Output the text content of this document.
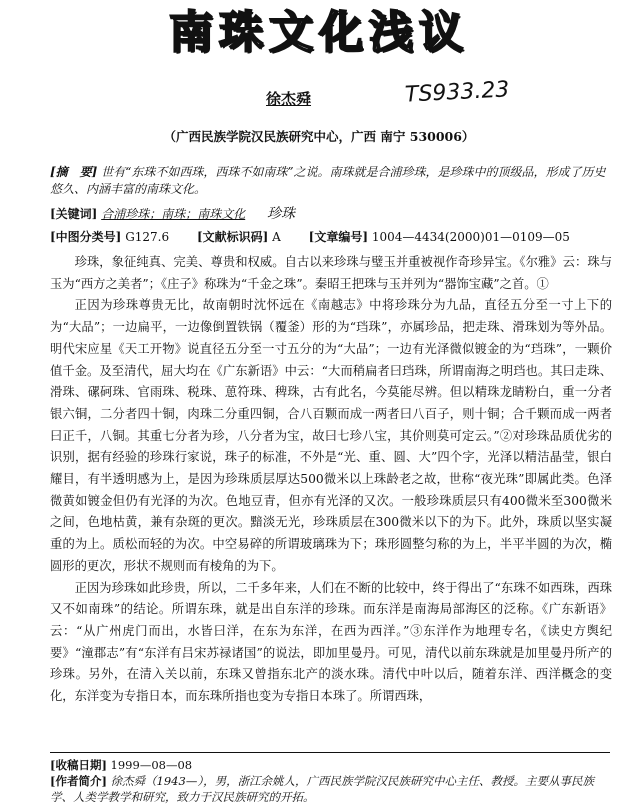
南珠文化浅议
徐杰舜	TS933.23
（广西民族学院汉民族研究中心，广西 南宁 530006）
[摘　要] 世有“东珠不如西珠，西珠不如南珠”之说。南珠就是合浦珍珠，是珍珠中的顶级品，形成了历史悠久、内涵丰富的南珠文化。
[关键词] 合浦珍珠；南珠；南珠文化 珍珠
[中图分类号] G127.6 [文献标识码] A [文章编号] 1004—4434(2000)01—0109—05

珍珠，象征纯真、完美、尊贵和权威。自古以来珍珠与璧玉并重被视作奇珍异宝。《尔雅》云：珠与玉为“西方之美者”；《庄子》称珠为“千金之珠”。秦昭王把珠与玉并列为“器饰宝藏”之首。①

正因为珍珠尊贵无比，故南朝时沈怀远在《南越志》中将珍珠分为九品，直径五分至一寸上下的为“大品”；一边扁平，一边像倒置铁锅（覆釜）形的为“珰珠”，亦属珍品，把走珠、滑珠划为等外品。明代宋应星《天工开物》说直径五分至一寸五分的为“大品”；一边有光泽微似镀金的为“珰珠”，一颗价值千金。及至清代，屈大均在《广东新语》中云：“大而稍扁者曰珰珠，所谓南海之明珰也。其曰走珠、滑珠、磥砢珠、官雨珠、税珠、葸符珠、稗珠，古有此名，今莫能尽辨。但以精珠龙睛粉白，重一分者银六铜，二分者四十铜，肉珠二分重四铜，合八百颗而成一两者曰八百子，则十铜；合千颗而成一两者曰正千，八铜。其重七分者为珍，八分者为宝，故曰七珍八宝，其价则莫可定云。”②对珍珠品质优劣的识别，据有经验的珍珠行家说，珠子的标准，不外是“光、重、圆、大”四个字，光泽以精洁晶莹，银白耀目，有半透明感为上，是因为珍珠质层厚达500微米以上珠龄老之故，世称“夜光珠”即属此类。色泽微黄如镀金但仍有光泽的为次。色地豆青，但亦有光泽的又次。一般珍珠质层只有400微米至300微米之间，色地枯黄，兼有杂斑的更次。黯淡无光，珍珠质层在300微米以下的为下。此外，珠质以坚实凝重的为上。质松而轻的为次。中空易碎的所谓玻璃珠为下；珠形圆整匀称的为上，半平半圆的为次，椭圆形的更次，形状不规则而有棱角的为下。

正因为珍珠如此珍贵，所以，二千多年来，人们在不断的比较中，终于得出了“东珠不如西珠，西珠又不如南珠”的结论。所谓东珠，就是出自东洋的珍珠。而东洋是南海局部海区的泛称。《广东新语》云：“从广州虎门而出，水皆曰洋，在东为东洋，在西为西洋。”③东洋作为地理专名，《读史方舆纪要》“潼郡志”有“东洋有吕宋苏禄诸国”的说法，即加里曼丹。可见，清代以前东珠就是加里曼丹所产的珍珠。另外，在清入关以前，东珠又曾指东北产的淡水珠。清代中叶以后，随着东洋、西洋概念的变化，东洋变为专指日本，而东珠所指也变为专指日本珠了。所谓西珠，

[收稿日期] 1999—08—08
[作者简介] 徐杰舜（1943—），男，浙江余姚人，广西民族学院汉民族研究中心主任、教授。主要从事民族学、人类学教学和研究，致力于汉民族研究的开拓。
